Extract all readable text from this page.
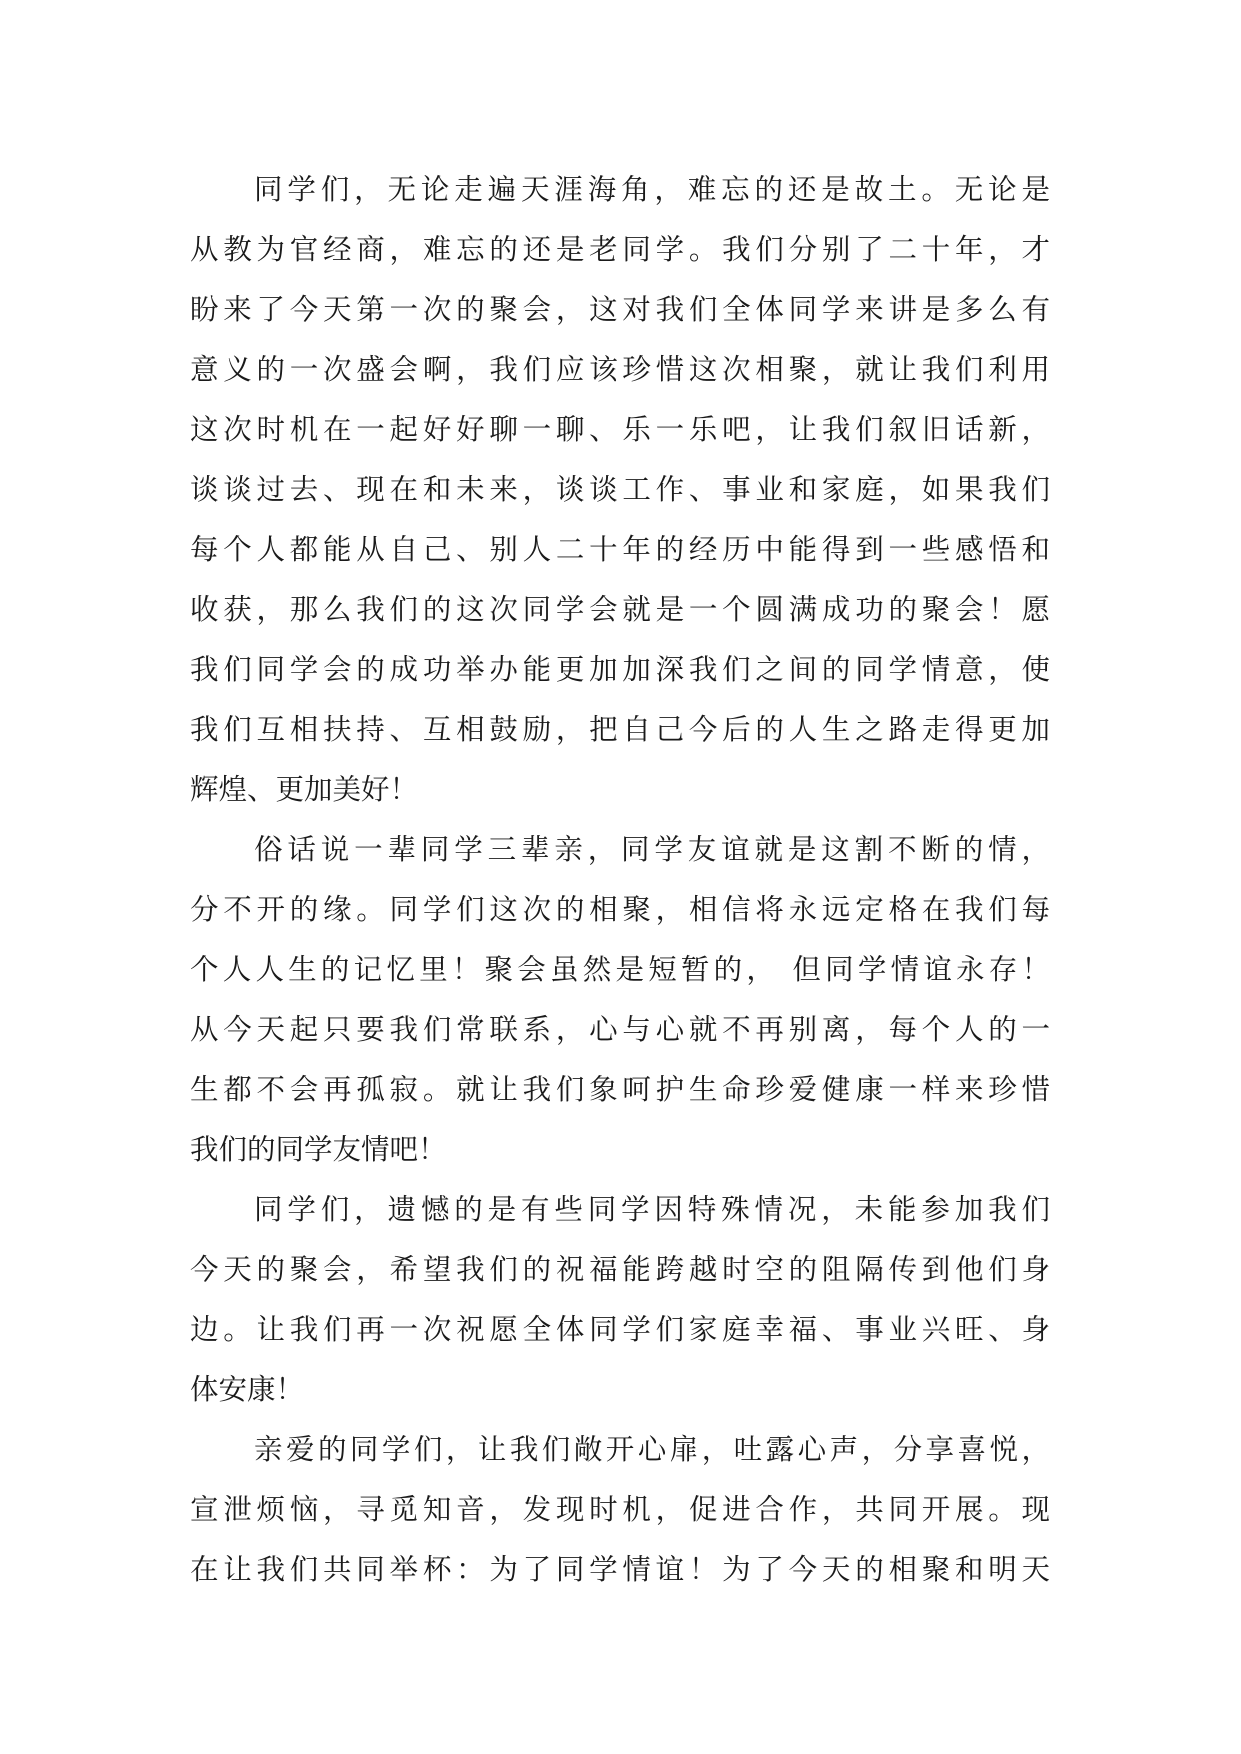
同学们，无论走遍天涯海角，难忘的还是故土。无论是
从教为官经商，难忘的还是老同学。我们分别了二十年，才
盼来了今天第一次的聚会，这对我们全体同学来讲是多么有
意义的一次盛会啊，我们应该珍惜这次相聚，就让我们利用
这次时机在一起好好聊一聊、乐一乐吧，让我们叙旧话新，
谈谈过去、现在和未来，谈谈工作、事业和家庭，如果我们
每个人都能从自己、别人二十年的经历中能得到一些感悟和
收获，那么我们的这次同学会就是一个圆满成功的聚会！愿
我们同学会的成功举办能更加加深我们之间的同学情意，使
我们互相扶持、互相鼓励，把自己今后的人生之路走得更加
辉煌、更加美好！
俗话说一辈同学三辈亲，同学友谊就是这割不断的情，
分不开的缘。同学们这次的相聚，相信将永远定格在我们每
个人人生的记忆里！聚会虽然是短暂的， 但同学情谊永存！
从今天起只要我们常联系，心与心就不再别离，每个人的一
生都不会再孤寂。就让我们象呵护生命珍爱健康一样来珍惜
我们的同学友情吧！
同学们，遗憾的是有些同学因特殊情况，未能参加我们
今天的聚会，希望我们的祝福能跨越时空的阻隔传到他们身
边。让我们再一次祝愿全体同学们家庭幸福、事业兴旺、身
体安康！
亲爱的同学们，让我们敞开心扉，吐露心声，分享喜悦，
宣泄烦恼，寻觅知音，发现时机，促进合作，共同开展。现
在让我们共同举杯：为了同学情谊！为了今天的相聚和明天
